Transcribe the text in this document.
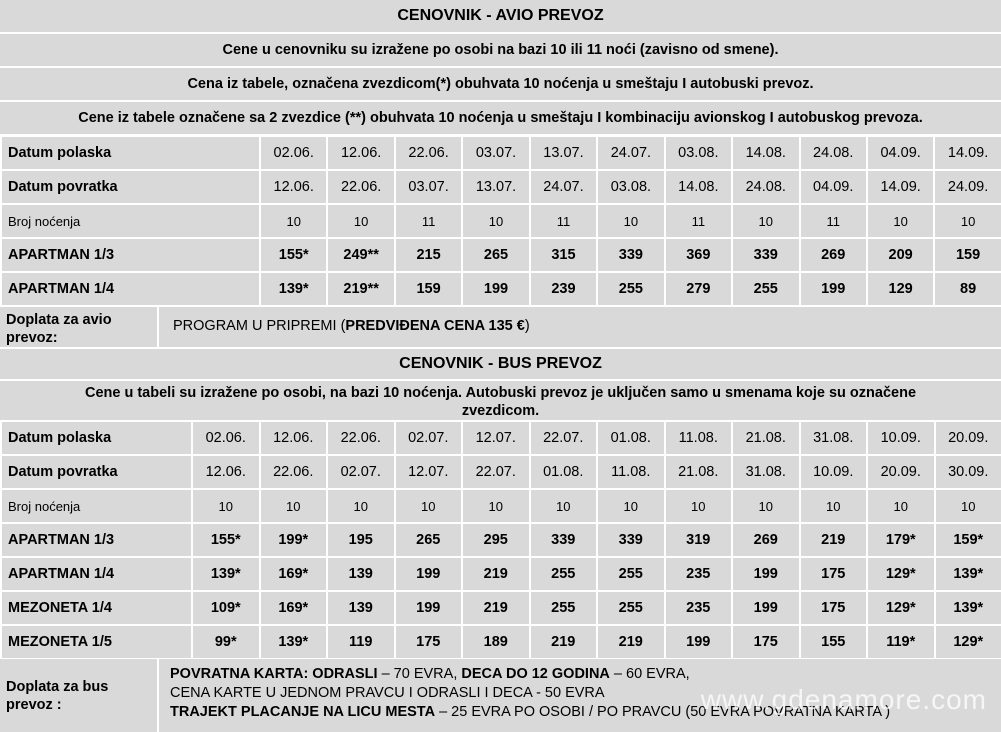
CENOVNIK - AVIO PREVOZ
Cene u cenovniku su izražene po osobi na bazi 10 ili 11 noći (zavisno od smene).
Cena iz tabele, označena zvezdicom(*) obuhvata 10 noćenja u smeštaju I autobuski prevoz.
Cene iz tabele označene sa 2 zvezdice (**) obuhvata 10 noćenja u smeštaju I kombinaciju avionskog I autobuskog prevoza.
Datum polaska	02.06.	12.06.	22.06.	03.07.	13.07.	24.07.	03.08.	14.08.	24.08.	04.09.	14.09.
Datum povratka	12.06.	22.06.	03.07.	13.07.	24.07.	03.08.	14.08.	24.08.	04.09.	14.09.	24.09.
Broj noćenja	10	10	11	10	11	10	11	10	11	10	10
APARTMAN 1/3	155*	249**	215	265	315	339	369	339	269	209	159
APARTMAN 1/4	139*	219**	159	199	239	255	279	255	199	129	89
Doplata za avio
prevoz:
PROGRAM U PRIPREMI (PREDVIĐENA CENA 135 €)
CENOVNIK - BUS PREVOZ
Cene u tabeli su izražene po osobi, na bazi 10 noćenja. Autobuski prevoz je uključen samo u smenama koje su označene
zvezdicom.
Datum polaska	02.06.	12.06.	22.06.	02.07.	12.07.	22.07.	01.08.	11.08.	21.08.	31.08.	10.09.	20.09.
Datum povratka	12.06.	22.06.	02.07.	12.07.	22.07.	01.08.	11.08.	21.08.	31.08.	10.09.	20.09.	30.09.
Broj noćenja	10	10	10	10	10	10	10	10	10	10	10	10
APARTMAN 1/3	155*	199*	195	265	295	339	339	319	269	219	179*	159*
APARTMAN 1/4	139*	169*	139	199	219	255	255	235	199	175	129*	139*
MEZONETA 1/4	109*	169*	139	199	219	255	255	235	199	175	129*	139*
MEZONETA 1/5	99*	139*	119	175	189	219	219	199	175	155	119*	129*
Doplata za bus
prevoz :
POVRATNA KARTA: ODRASLI – 70 EVRA, DECA DO 12 GODINA – 60 EVRA,
CENA KARTE U JEDNOM PRAVCU I ODRASLI I DECA - 50 EVRA
TRAJEKT PLACANJE NA LICU MESTA – 25 EVRA PO OSOBI / PO PRAVCU (50 EVRA POVRATNA KARTA )
www.gdenamore.com
